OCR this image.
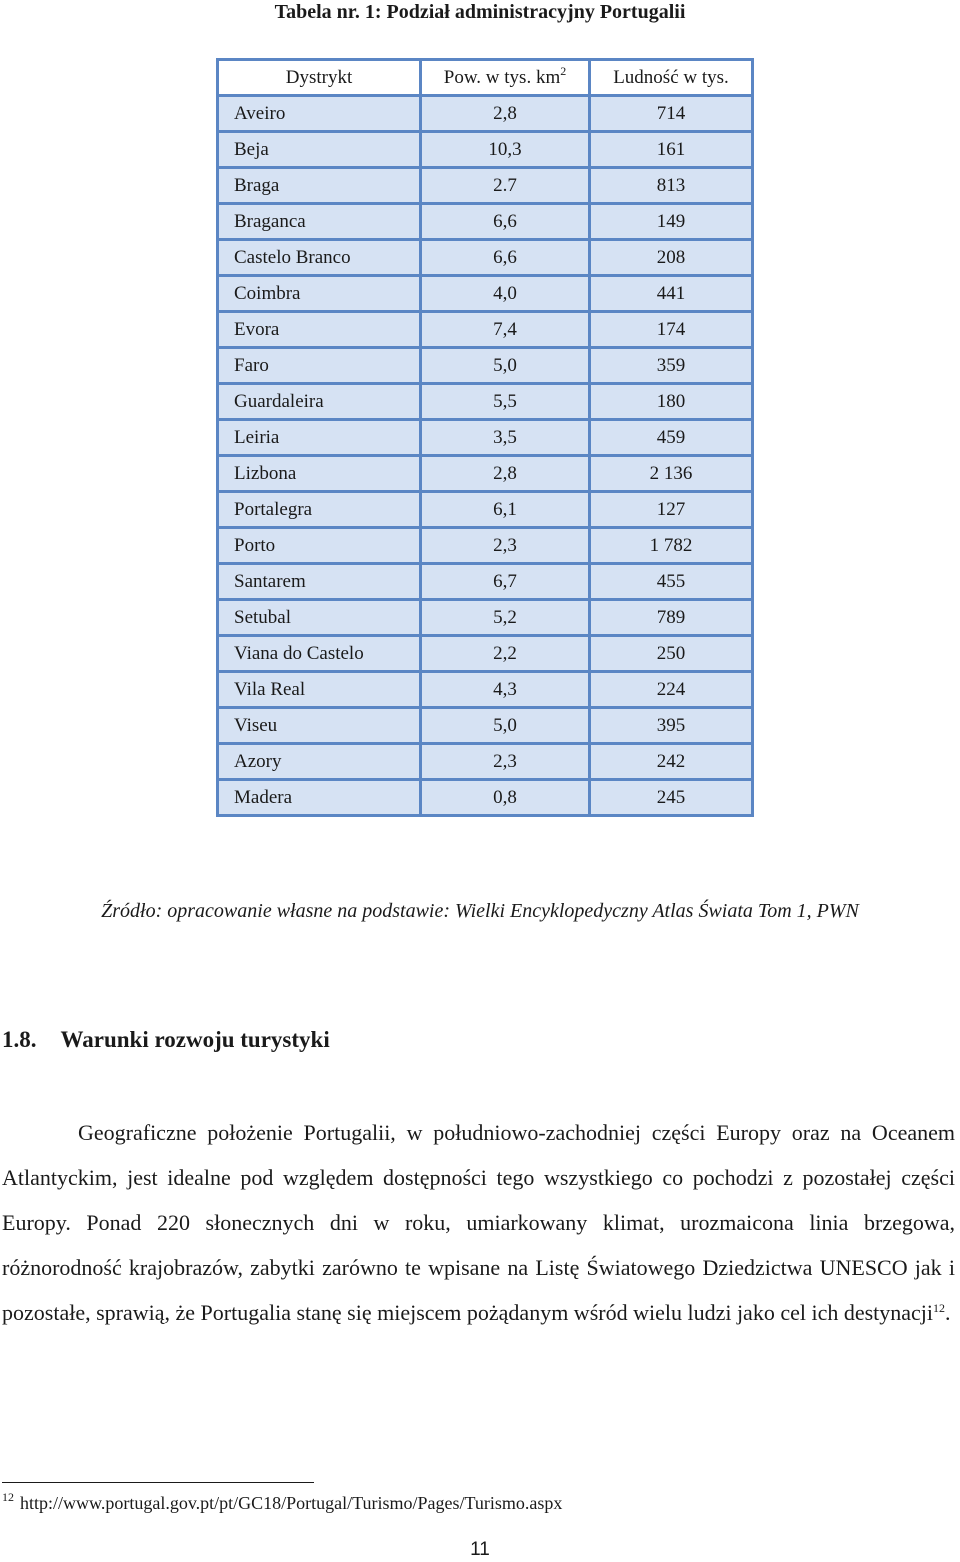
Tabela nr. 1: Podział administracyjny Portugalii
Dystrykt	Pow. w tys. $km^2$	Ludność w tys.
Aveiro	2,8	714
Beja	10,3	161
Braga	2.7	813
Braganca	6,6	149
Castelo Branco	6,6	208
Coimbra	4,0	441
Evora	7,4	174
Faro	5,0	359
Guardaleira	5,5	180
Leiria	3,5	459
Lizbona	2,8	2 136
Portalegra	6,1	127
Porto	2,3	1 782
Santarem	6,7	455
Setubal	5,2	789
Viana do Castelo	2,2	250
Vila Real	4,3	224
Viseu	5,0	395
Azory	2,3	242
Madera	0,8	245
Źródło: opracowanie własne na podstawie: Wielki Encyklopedyczny Atlas Świata Tom 1, PWN
1.8. Warunki rozwoju turystyki

Geograficzne położenie Portugalii, w południowo-zachodniej części Europy oraz na Oceanem Atlantyckim, jest idealne pod względem dostępności tego wszystkiego co pochodzi z pozostałej części Europy. Ponad 220 słonecznych dni w roku, umiarkowany klimat, urozmaicona linia brzegowa, różnorodność krajobrazów, zabytki zarówno te wpisane na Listę Światowego Dziedzictwa UNESCO jak i pozostałe, sprawią, że Portugalia stanę się miejscem pożądanym wśród wielu ludzi jako cel ich destynacji$^{12}$.

$^{12}$ http://www.portugal.gov.pt/pt/GC18/Portugal/Turismo/Pages/Turismo.aspx
11
